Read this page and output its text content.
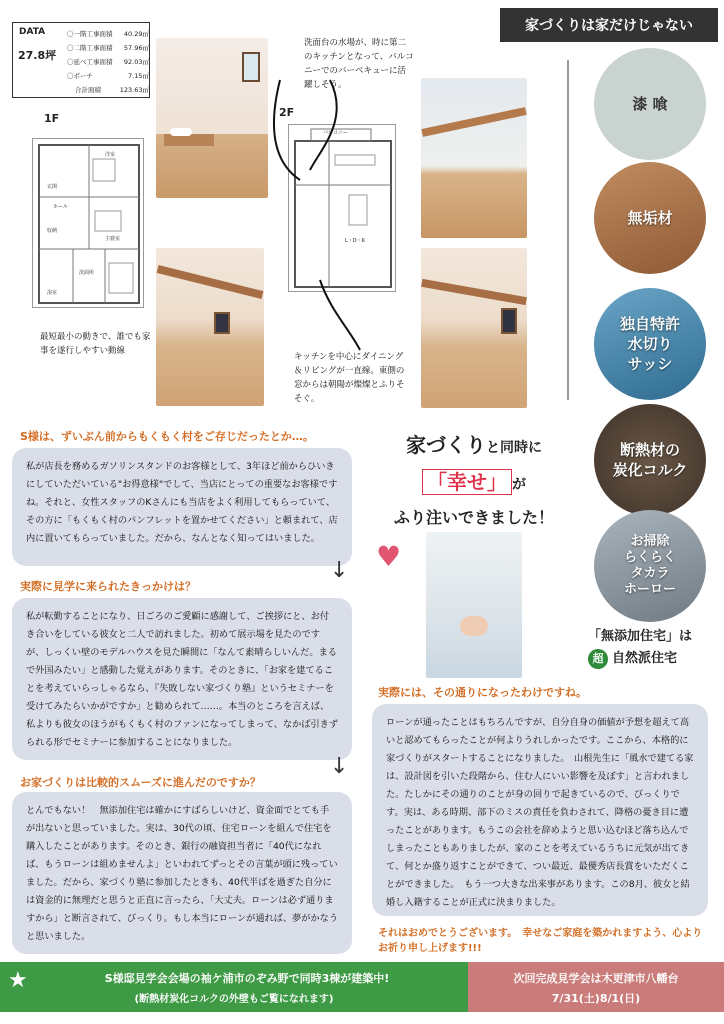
家づくりは家だけじゃない
DATA
27.8坪
〇一階工事面積 40.29㎡
〇二階工事面積 57.96㎡
〇延べ工事面積 92.03㎡
〇ポーチ	7.15㎡
合計面積	123.63㎡
1F	2F
玄関
ホール
洋室
主寝室
収納
洗面所
浴室
最短最小の動きで、誰でも家事を遂行しやすい動線
バルコニー
L・D・K
洗面台の水場が、時に第二のキッチンとなって、バルコニーでのバーベキューに活躍しそう。
キッチンを中心にダイニング＆リビングが一直線。東側の窓からは朝陽が燦燦とふりそそぐ。
漆 喰
無垢材
独自特許
水切り
サッシ
断熱材の
炭化コルク
お掃除
らくらく
タカラ
ホーロー
「無添加住宅」は
超 自然派住宅
家づくりと同時に
「幸せ」 が
ふり注いできました！
♥
S様は、ずいぶん前からもくもく村をご存じだったとか…。
私が店長を務めるガソリンスタンドのお客様として、3年ほど前からひいきにしていただいている"お得意様"でして、当店にとっての重要なお客様ですね。それと、女性スタッフのKさんにも当店をよく利用してもらっていて、その方に「もくもく村のパンフレットを置かせてください」と頼まれて、店内に置いてもらっていました。だから、なんとなく知ってはいました。
↓
実際に見学に来られたきっかけは？
私が転勤することになり、日ごろのご愛顧に感謝して、ご挨拶にと、お付き合いをしている彼女と二人で訪れました。初めて展示場を見たのですが、しっくい壁のモデルハウスを見た瞬間に「なんて素晴らしいんだ。まるで外国みたい」と感動した覚えがあります。そのときに、「お家を建てることを考えていらっしゃるなら、『失敗しない家づくり塾』というセミナーを受けてみたらいかがですか」と勧められて……。本当のところを言えば、私よりも彼女のほうがもくもく村のファンになってしまって、なかば引きずられる形でセミナーに参加することになりました。
↓
お家づくりは比較的スムーズに進んだのですか？
とんでもない！　無添加住宅は確かにすばらしいけど、資金面でとても手が出ないと思っていました。実は、30代の頃、住宅ローンを組んで住宅を購入したことがあります。そのとき、銀行の融資担当者に「40代になれば、もうローンは組めませんよ」といわれてずっとその言葉が頭に残っていました。だから、家づくり塾に参加したときも、40代半ばを過ぎた自分には資金的に無理だと思うと正直に言ったら、「大丈夫。ローンは必ず通りますから」と断言されて、びっくり。もし本当にローンが通れば、夢がかなうと思いました。
実際には、その通りになったわけですね。
ローンが通ったことはもちろんですが、自分自身の価値が予想を超えて高いと認めてもらったことが何よりうれしかったです。ここから、本格的に家づくりがスタートすることになりました。　山根先生に「風水で建てる家は、設計図を引いた段階から、住む人にいい影響を及ぼす」と言われました。たしかにその通りのことが身の回りで起きているので、びっくりです。実は、ある時期、部下のミスの責任を負わされて、降格の憂き目に遭ったことがあります。もうこの会社を辞めようと思い込むほど落ち込んでしまったこともありましたが、家のことを考えているうちに元気が出てきて、何とか盛り返すことができて、つい最近、最優秀店長賞をいただくことができました。　もう一つ大きな出来事があります。この8月、彼女と結婚し入籍することが正式に決まりました。
それはおめでとうございます。　幸せなご家庭を築かれますよう、心よりお祈り申し上げます!!!
★	S様邸見学会会場の袖ケ浦市のぞみ野で同時3棟が建築中!
(断熱材炭化コルクの外壁もご覧になれます)
次回完成見学会は木更津市八幡台
7/31(土)8/1(日)
